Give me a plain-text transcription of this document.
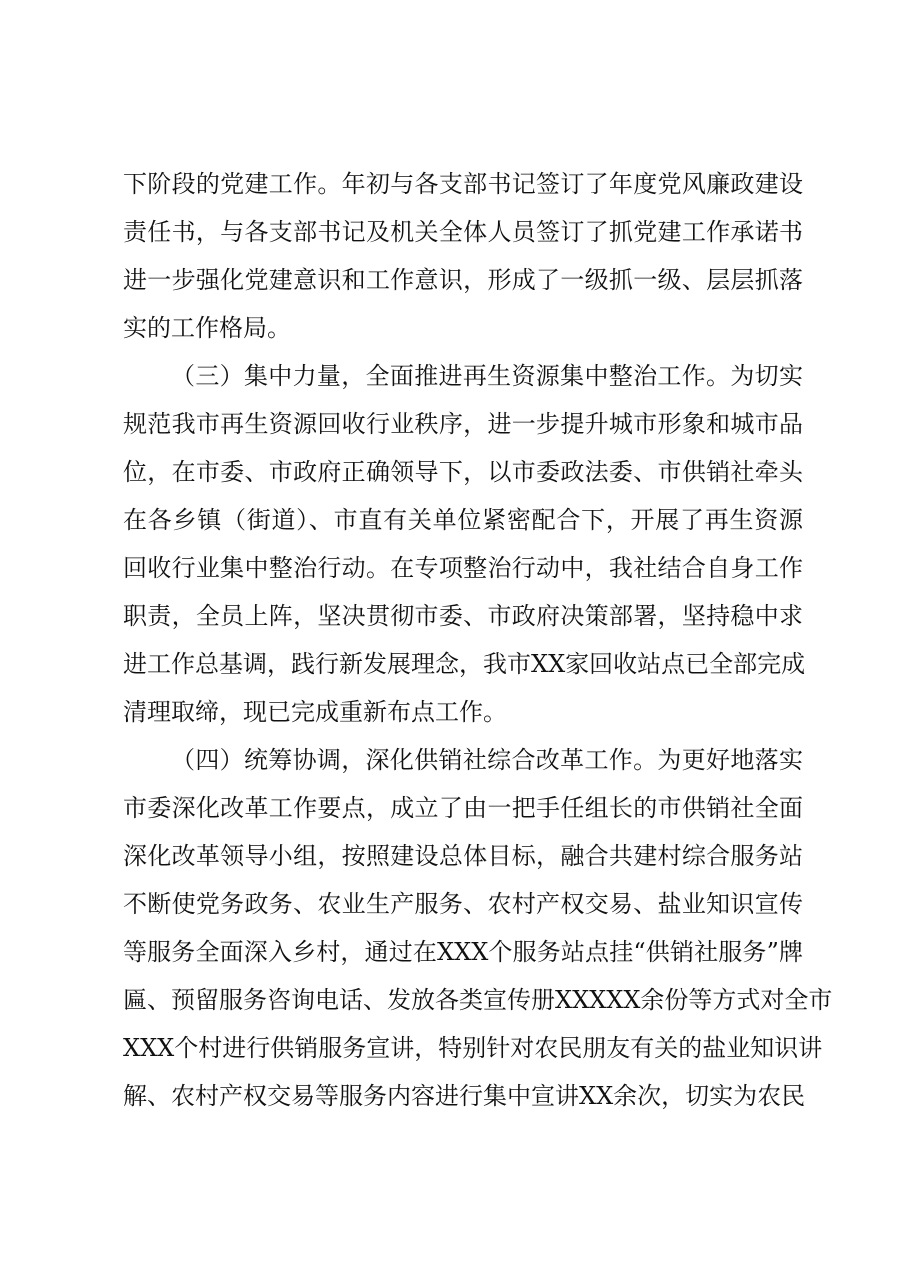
下阶段的党建工作。年初与各支部书记签订了年度党风廉政建设
责任书，与各支部书记及机关全体人员签订了抓党建工作承诺书
进一步强化党建意识和工作意识，形成了一级抓一级、层层抓落
实的工作格局。
（三）集中力量，全面推进再生资源集中整治工作。为切实
规范我市再生资源回收行业秩序，进一步提升城市形象和城市品
位，在市委、市政府正确领导下，以市委政法委、市供销社牵头
在各乡镇（街道）、市直有关单位紧密配合下，开展了再生资源
回收行业集中整治行动。在专项整治行动中，我社结合自身工作
职责，全员上阵，坚决贯彻市委、市政府决策部署，坚持稳中求
进工作总基调，践行新发展理念，我市XX家回收站点已全部完成
清理取缔，现已完成重新布点工作。
（四）统筹协调，深化供销社综合改革工作。为更好地落实
市委深化改革工作要点，成立了由一把手任组长的市供销社全面
深化改革领导小组，按照建设总体目标，融合共建村综合服务站
不断使党务政务、农业生产服务、农村产权交易、盐业知识宣传
等服务全面深入乡村，通过在XXX个服务站点挂“供销社服务”牌
匾、预留服务咨询电话、发放各类宣传册XXXXX余份等方式对全市
XXX个村进行供销服务宣讲，特别针对农民朋友有关的盐业知识讲
解、农村产权交易等服务内容进行集中宣讲XX余次，切实为农民
